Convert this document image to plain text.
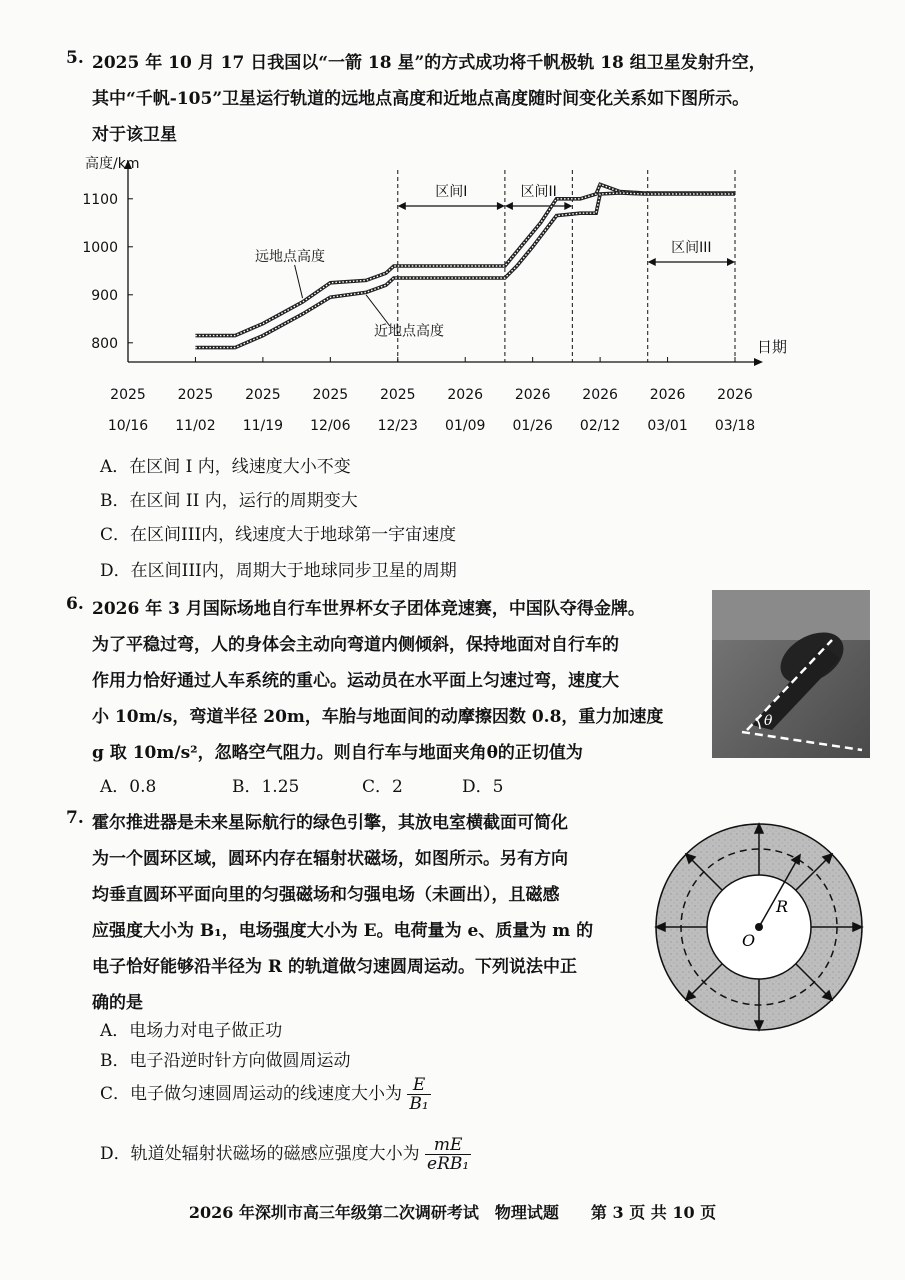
5. 2025 年 10 月 17 日我国以“一箭 18 星”的方式成功将千帆极轨 18 组卫星发射升空，
其中“千帆-105”卫星运行轨道的远地点高度和近地点高度随时间变化关系如下图所示。
对于该卫星
高度/km
日期
800
900
1000
1100
2025
10/16
2025
11/02
2025
11/19
2025
12/06
2025
12/23
2026
01/09
2026
01/26
2026
02/12
2026
03/01
2026
03/18
区间I	区间II
区间III
远地点高度
近地点高度
A．在区间 I 内，线速度大小不变
B．在区间 II 内，运行的周期变大
C．在区间III内，线速度大于地球第一宇宙速度
D．在区间III内，周期大于地球同步卫星的周期
6. 2026 年 3 月国际场地自行车世界杯女子团体竞速赛，中国队夺得金牌。
为了平稳过弯，人的身体会主动向弯道内侧倾斜，保持地面对自行车的
作用力恰好通过人车系统的重心。运动员在水平面上匀速过弯，速度大
小 10m/s，弯道半径 20m，车胎与地面间的动摩擦因数 0.8，重力加速度
g 取 10m/s²，忽略空气阻力。则自行车与地面夹角θ的正切值为
θ
A．0.8	B．1.25	C．2	D．5
7. 霍尔推进器是未来星际航行的绿色引擎，其放电室横截面可简化
为一个圆环区域，圆环内存在辐射状磁场，如图所示。另有方向
均垂直圆环平面向里的匀强磁场和匀强电场（未画出），且磁感
应强度大小为 B₁，电场强度大小为 E。电荷量为 e、质量为 m 的
电子恰好能够沿半径为 R 的轨道做匀速圆周运动。下列说法中正
确的是
R
O
A．电场力对电子做正功
B．电子沿逆时针方向做圆周运动
C．电子做匀速圆周运动的线速度大小为 $\frac{E}{\text{B₁}}$
D．轨道处辐射状磁场的磁感应强度大小为 $\frac{mE}{\text{eRB₁}}$
2026 年深圳市高三年级第二次调研考试　物理试题　　第 3 页 共 10 页
